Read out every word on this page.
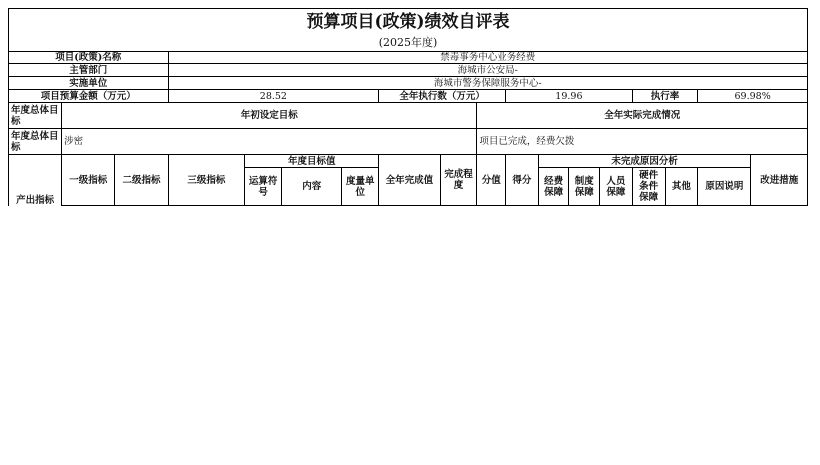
预算项目(政策)绩效自评表
(2025年度)
项目(政策)名称			禁毒事务中心业务经费														
主管部门			海城市公安局-														
实施单位			海城市警务保障服务中心-														
项目预算金额（万元）			28.52				全年执行数（万元）			19.96				执行率		69.98%	
年度总体目标	年初设定目标								全年实际完成情况								
年度总体目标	涉密								项目已完成，经费欠拨								
产出指标	一级指标	二级指标	三级指标	年度目标值			全年完成值	完成程度	分值	得分	未完成原因分析						改进措施
				运算符号	内容	度量单位					经费保障	制度保障	人员保障	硬件条件保障	其他	原因说明	
